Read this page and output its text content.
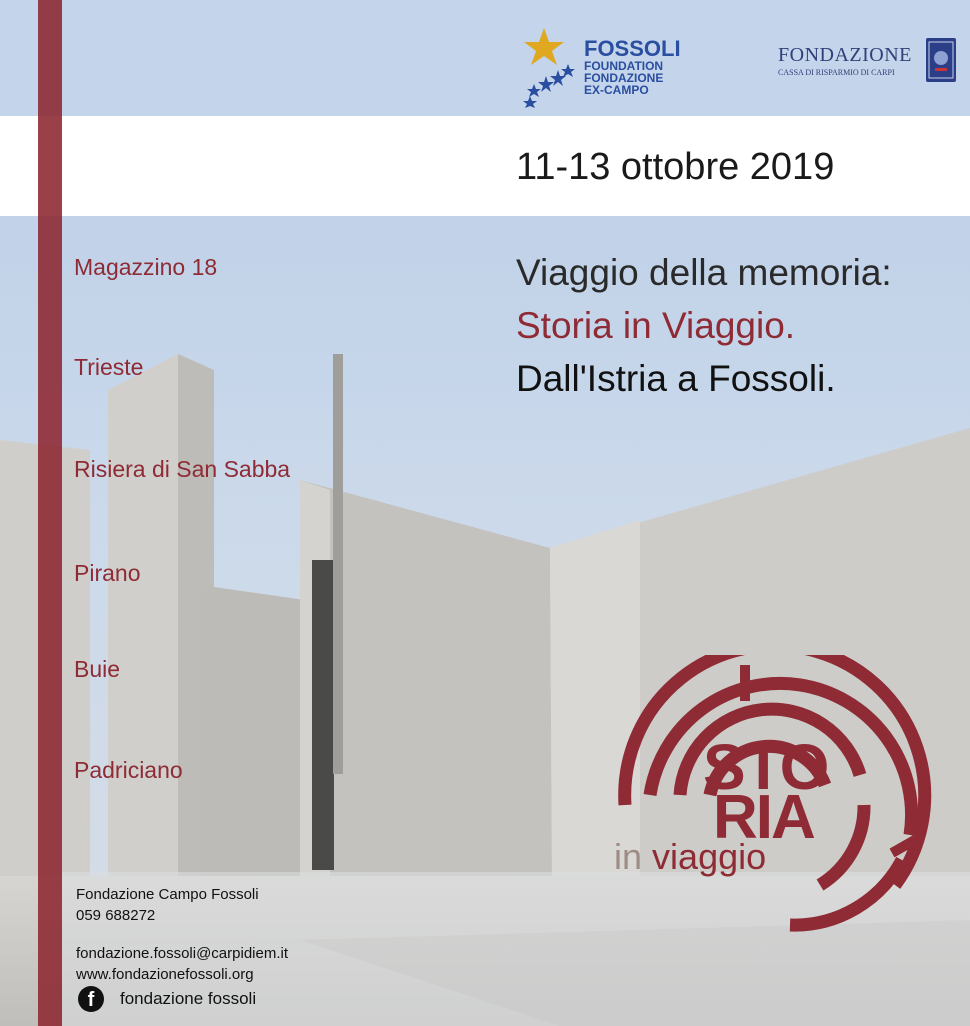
FOSSOLI
FOUNDATION
FONDAZIONE
EX-CAMPO
FONDAZIONE
CASSA DI RISPARMIO DI CARPI
11-13 ottobre 2019
Viaggio della memoria:
Storia in Viaggio.
Dall'Istria a Fossoli.
Magazzino 18
Trieste
Risiera di San Sabba
Pirano
Buie
Padriciano	STO
RIA
in viaggio
Fondazione Campo Fossoli
059 688272
fondazione.fossoli@carpidiem.it
www.fondazionefossoli.org
f	fondazione fossoli
